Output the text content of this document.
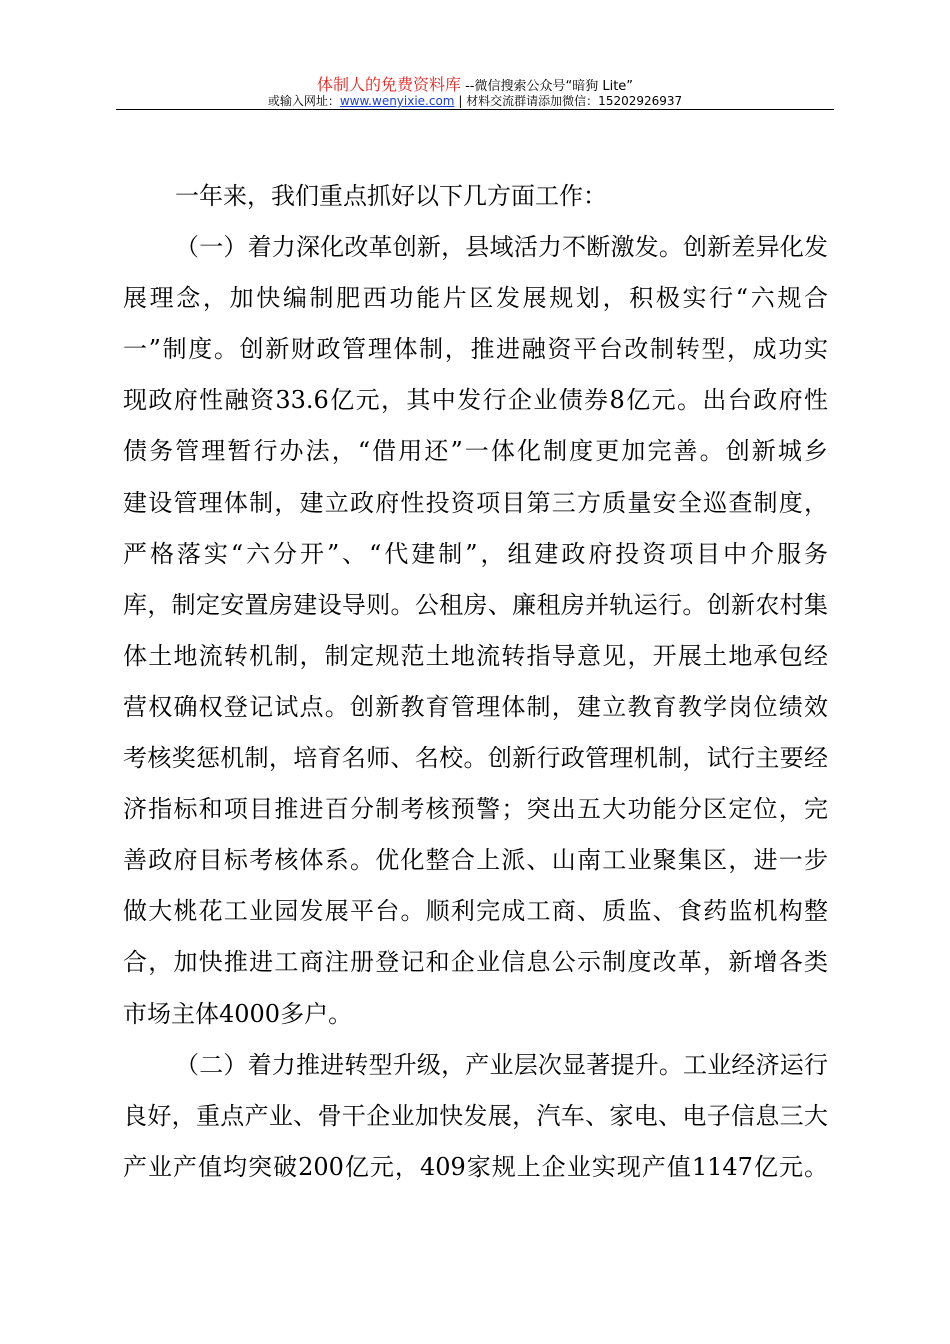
体制人的免费资料库 --微信搜索公众号“暗狗 Lite”
或输入网址：www.wenyixie.com | 材料交流群请添加微信：15202926937
一年来，我们重点抓好以下几方面工作：
（一）着力深化改革创新，县域活力不断激发。创新差异化发
展理念，加快编制肥西功能片区发展规划，积极实行“六规合
一”制度。创新财政管理体制，推进融资平台改制转型，成功实
现政府性融资33.6亿元，其中发行企业债券8亿元。出台政府性
债务管理暂行办法，“借用还”一体化制度更加完善。创新城乡
建设管理体制，建立政府性投资项目第三方质量安全巡查制度，
严格落实“六分开”、“代建制”，组建政府投资项目中介服务
库，制定安置房建设导则。公租房、廉租房并轨运行。创新农村集
体土地流转机制，制定规范土地流转指导意见，开展土地承包经
营权确权登记试点。创新教育管理体制，建立教育教学岗位绩效
考核奖惩机制，培育名师、名校。创新行政管理机制，试行主要经
济指标和项目推进百分制考核预警；突出五大功能分区定位，完
善政府目标考核体系。优化整合上派、山南工业聚集区，进一步
做大桃花工业园发展平台。顺利完成工商、质监、食药监机构整
合，加快推进工商注册登记和企业信息公示制度改革，新增各类
市场主体4000多户。
（二）着力推进转型升级，产业层次显著提升。工业经济运行
良好，重点产业、骨干企业加快发展，汽车、家电、电子信息三大
产业产值均突破200亿元，409家规上企业实现产值1147亿元。
